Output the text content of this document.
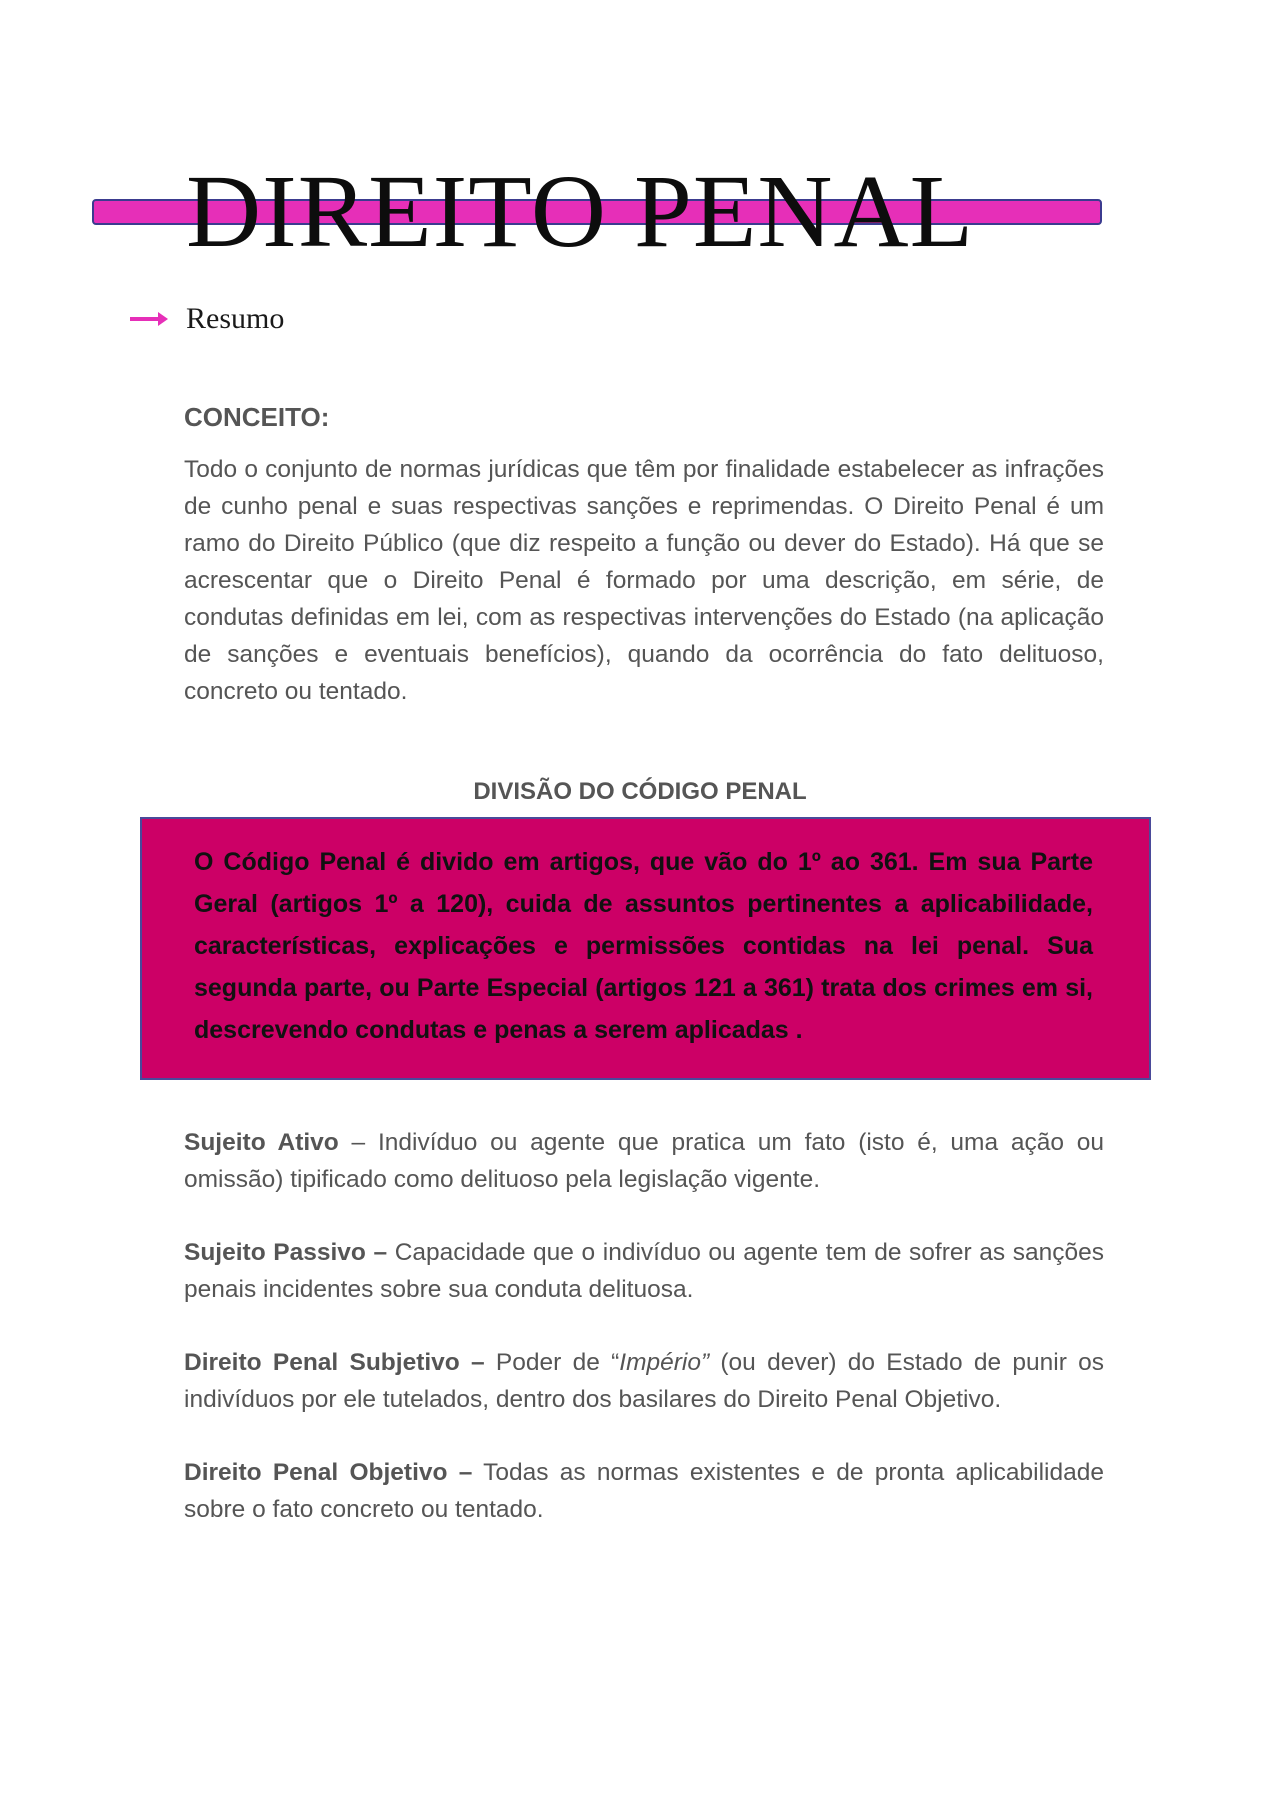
DIREITO PENAL
Resumo

CONCEITO:

Todo o conjunto de normas jurídicas que têm por finalidade estabelecer as infrações de cunho penal e suas respectivas sanções e reprimendas. O Direito Penal é um ramo do Direito Público (que diz respeito a função ou dever do Estado). Há que se acrescentar que o Direito Penal é formado por uma descrição, em série, de condutas definidas em lei, com as respectivas intervenções do Estado (na aplicação de sanções e eventuais benefícios), quando da ocorrência do fato delituoso, concreto ou tentado.

DIVISÃO DO CÓDIGO PENAL

O Código Penal é divido em artigos, que vão do 1º ao 361. Em sua Parte Geral (artigos 1º a 120), cuida de assuntos pertinentes a aplicabilidade, características, explicações e permissões contidas na lei penal. Sua segunda parte, ou Parte Especial (artigos 121 a 361) trata dos crimes em si, descrevendo condutas e penas a serem aplicadas .

Sujeito Ativo – Indivíduo ou agente que pratica um fato (isto é, uma ação ou omissão) tipificado como delituoso pela legislação vigente.

Sujeito Passivo – Capacidade que o indivíduo ou agente tem de sofrer as sanções penais incidentes sobre sua conduta delituosa.

Direito Penal Subjetivo – Poder de “Império” (ou dever) do Estado de punir os indivíduos por ele tutelados, dentro dos basilares do Direito Penal Objetivo.

Direito Penal Objetivo – Todas as normas existentes e de pronta aplicabilidade sobre o fato concreto ou tentado.
